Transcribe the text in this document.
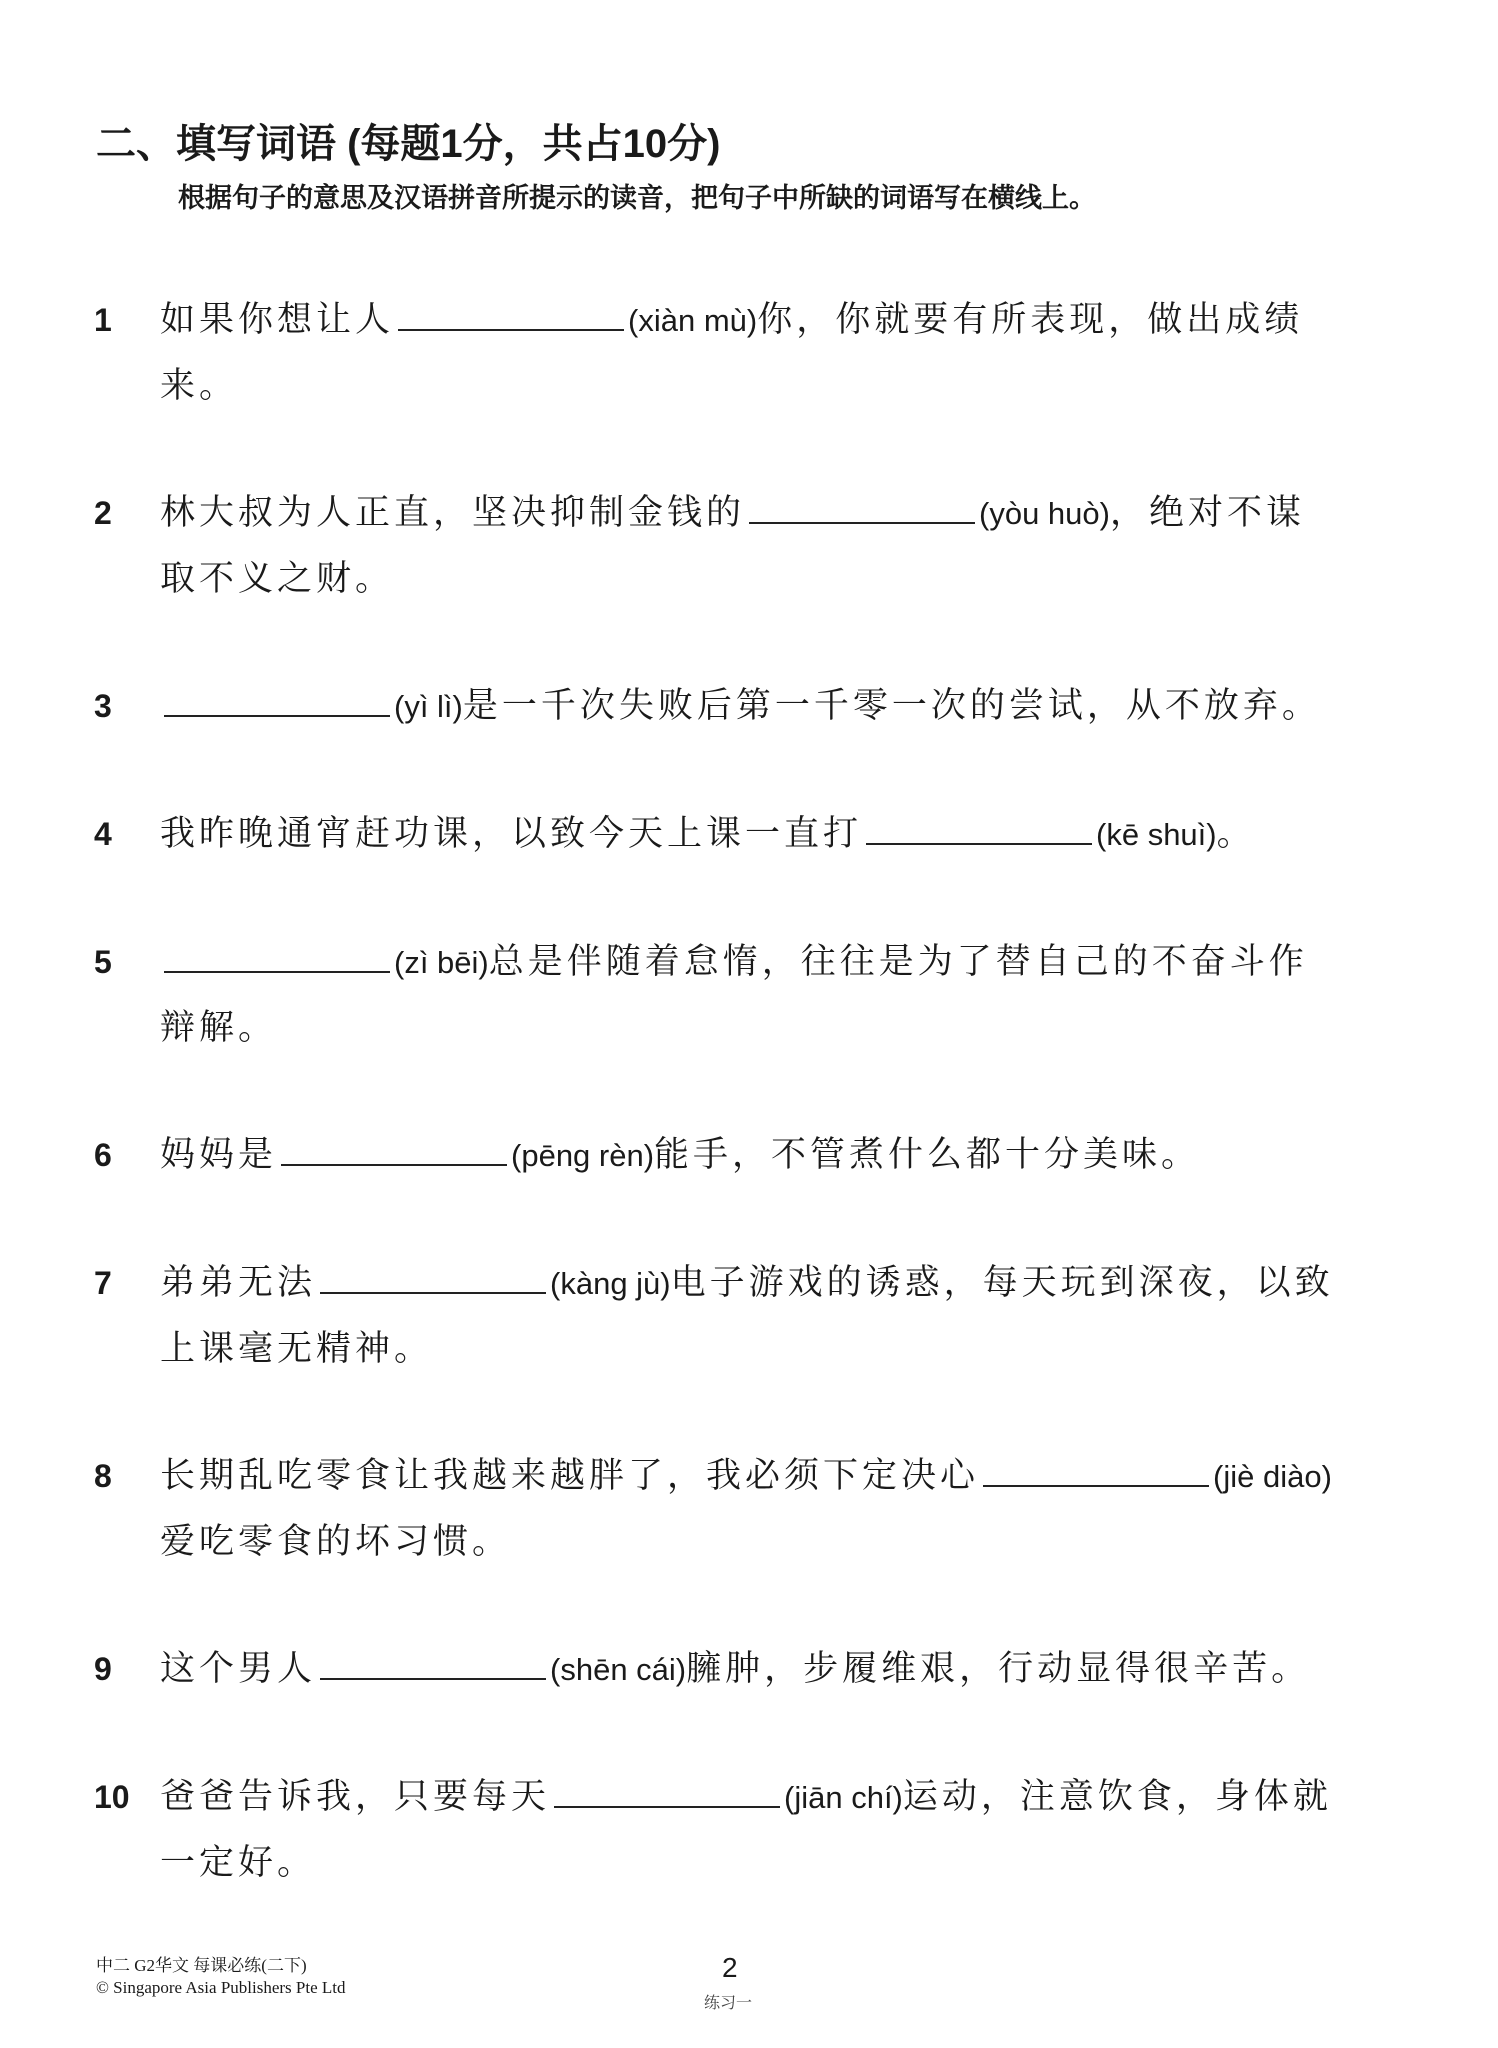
二、填写词语 (每题1分，共占10分)
根据句子的意思及汉语拼音所提示的读音，把句子中所缺的词语写在横线上。
1 如果你想让人	(xiàn mù)你，你就要有所表现，做出成绩
来。
2 林大叔为人正直，坚决抑制金钱的	(yòu huò)，绝对不谋
取不义之财。
3	(yì lì)是一千次失败后第一千零一次的尝试，从不放弃。
4 我昨晚通宵赶功课，以致今天上课一直打	(kē shuì)。
5	(zì bēi)总是伴随着怠惰，往往是为了替自己的不奋斗作
辩解。
6 妈妈是	(pēng rèn)能手，不管煮什么都十分美味。
7 弟弟无法	(kàng jù)电子游戏的诱惑，每天玩到深夜，以致
上课毫无精神。
8 长期乱吃零食让我越来越胖了，我必须下定决心	(jiè diào)
爱吃零食的坏习惯。
9 这个男人	(shēn cái)臃肿，步履维艰，行动显得很辛苦。
10 爸爸告诉我，只要每天	(jiān chí)运动，注意饮食，身体就
一定好。
中二 G2华文 每课必练(二下)
© Singapore Asia Publishers Pte Ltd
2
练习一
